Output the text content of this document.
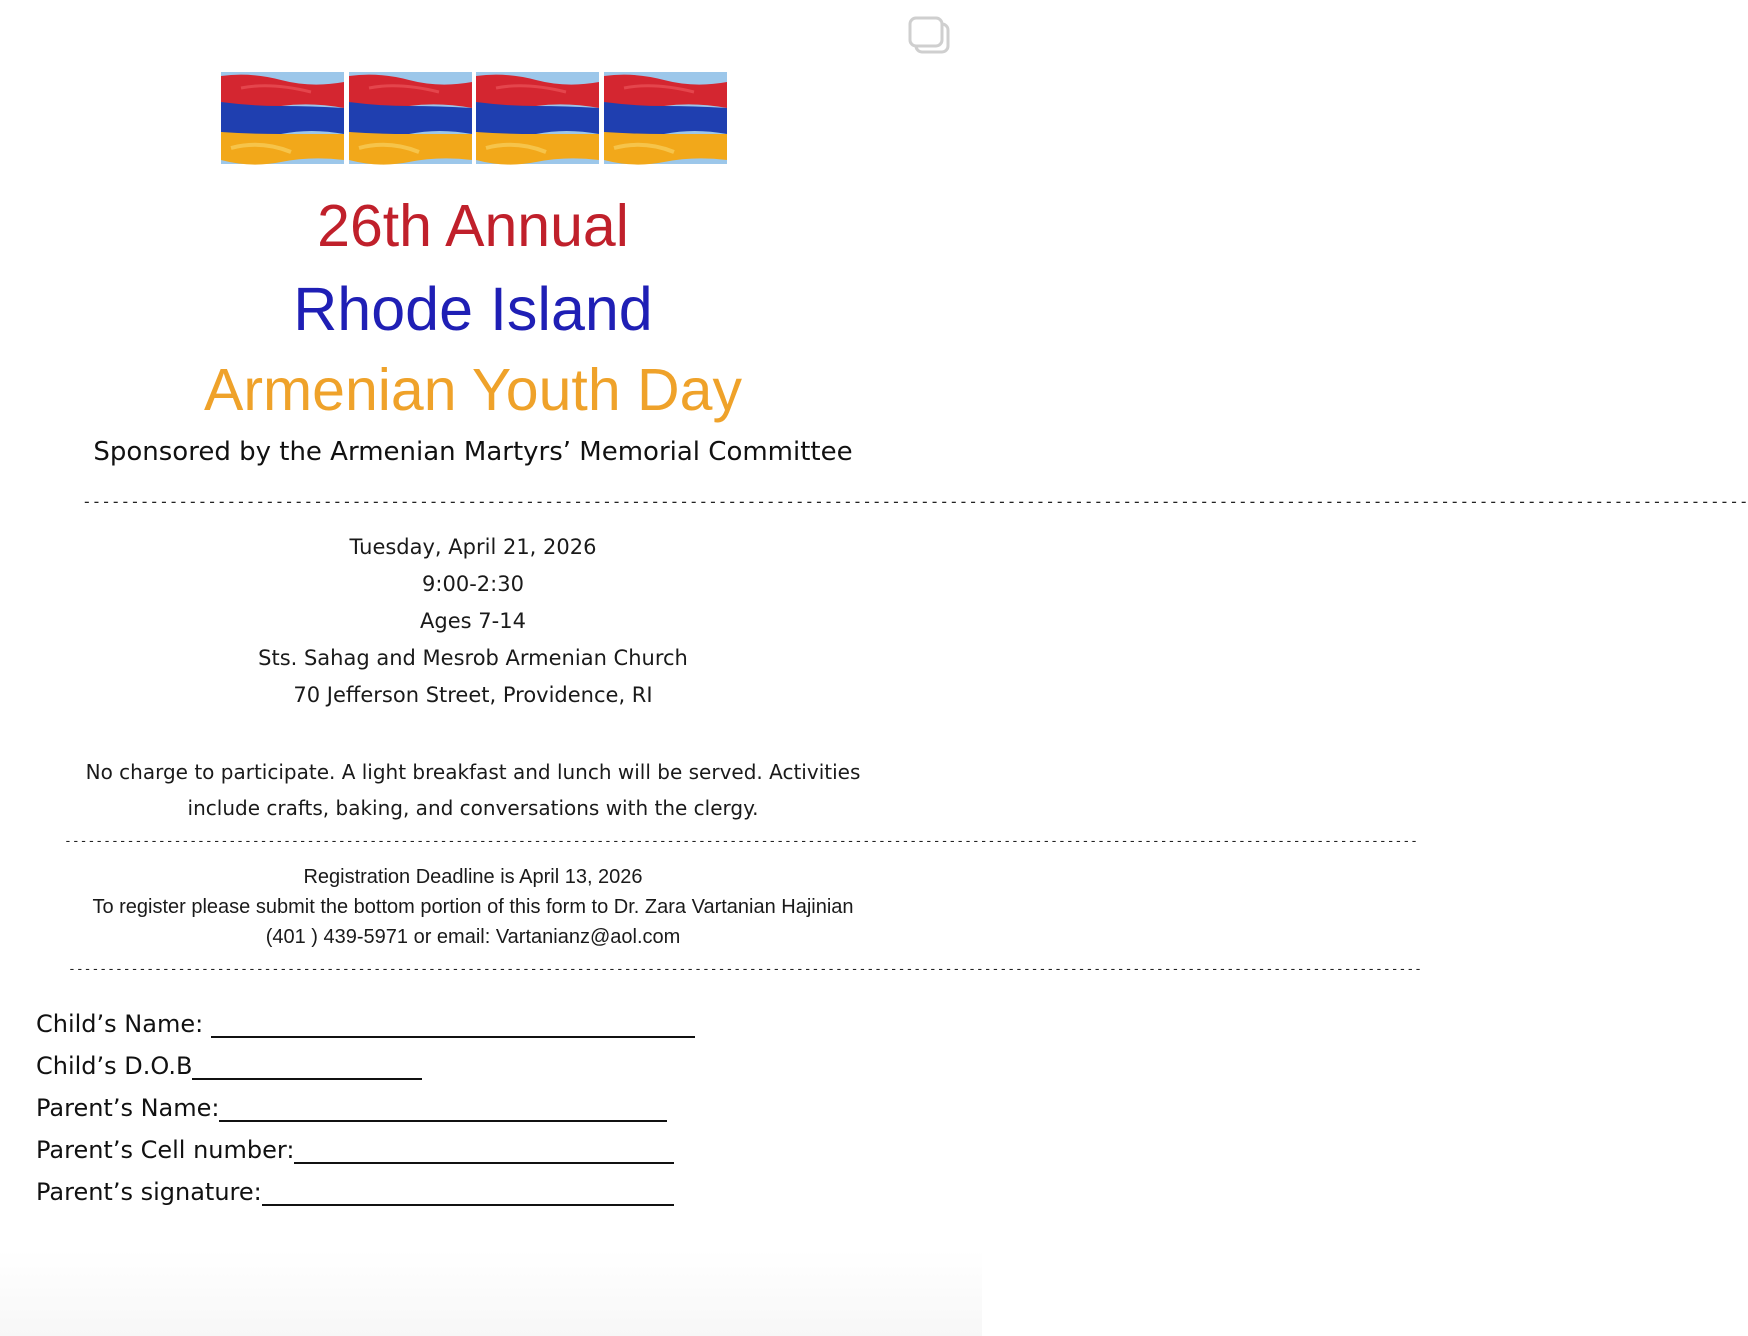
26th Annual
Rhode Island
Armenian Youth Day
Sponsored by the Armenian Martyrs’ Memorial Committee
-----------------------------------------------------------------------------------------------------------------------------------------------------------------------------
Tuesday, April 21, 2026
9:00-2:30
Ages 7-14
Sts. Sahag and Mesrob Armenian Church
70 Jefferson Street, Providence, RI
No charge to participate. A light breakfast and lunch will be served. Activities
include crafts, baking, and conversations with the clergy.
-----------------------------------------------------------------------------------------------------------------------------------------------------------------------------
Registration Deadline is April 13, 2026
To register please submit the bottom portion of this form to Dr. Zara Vartanian Hajinian
(401 ) 439-5971 or email: Vartanianz@aol.com
-----------------------------------------------------------------------------------------------------------------------------------------------------------------------------
Child’s Name:
Child’s D.O.B
Parent’s Name:
Parent’s Cell number:
Parent’s signature:
